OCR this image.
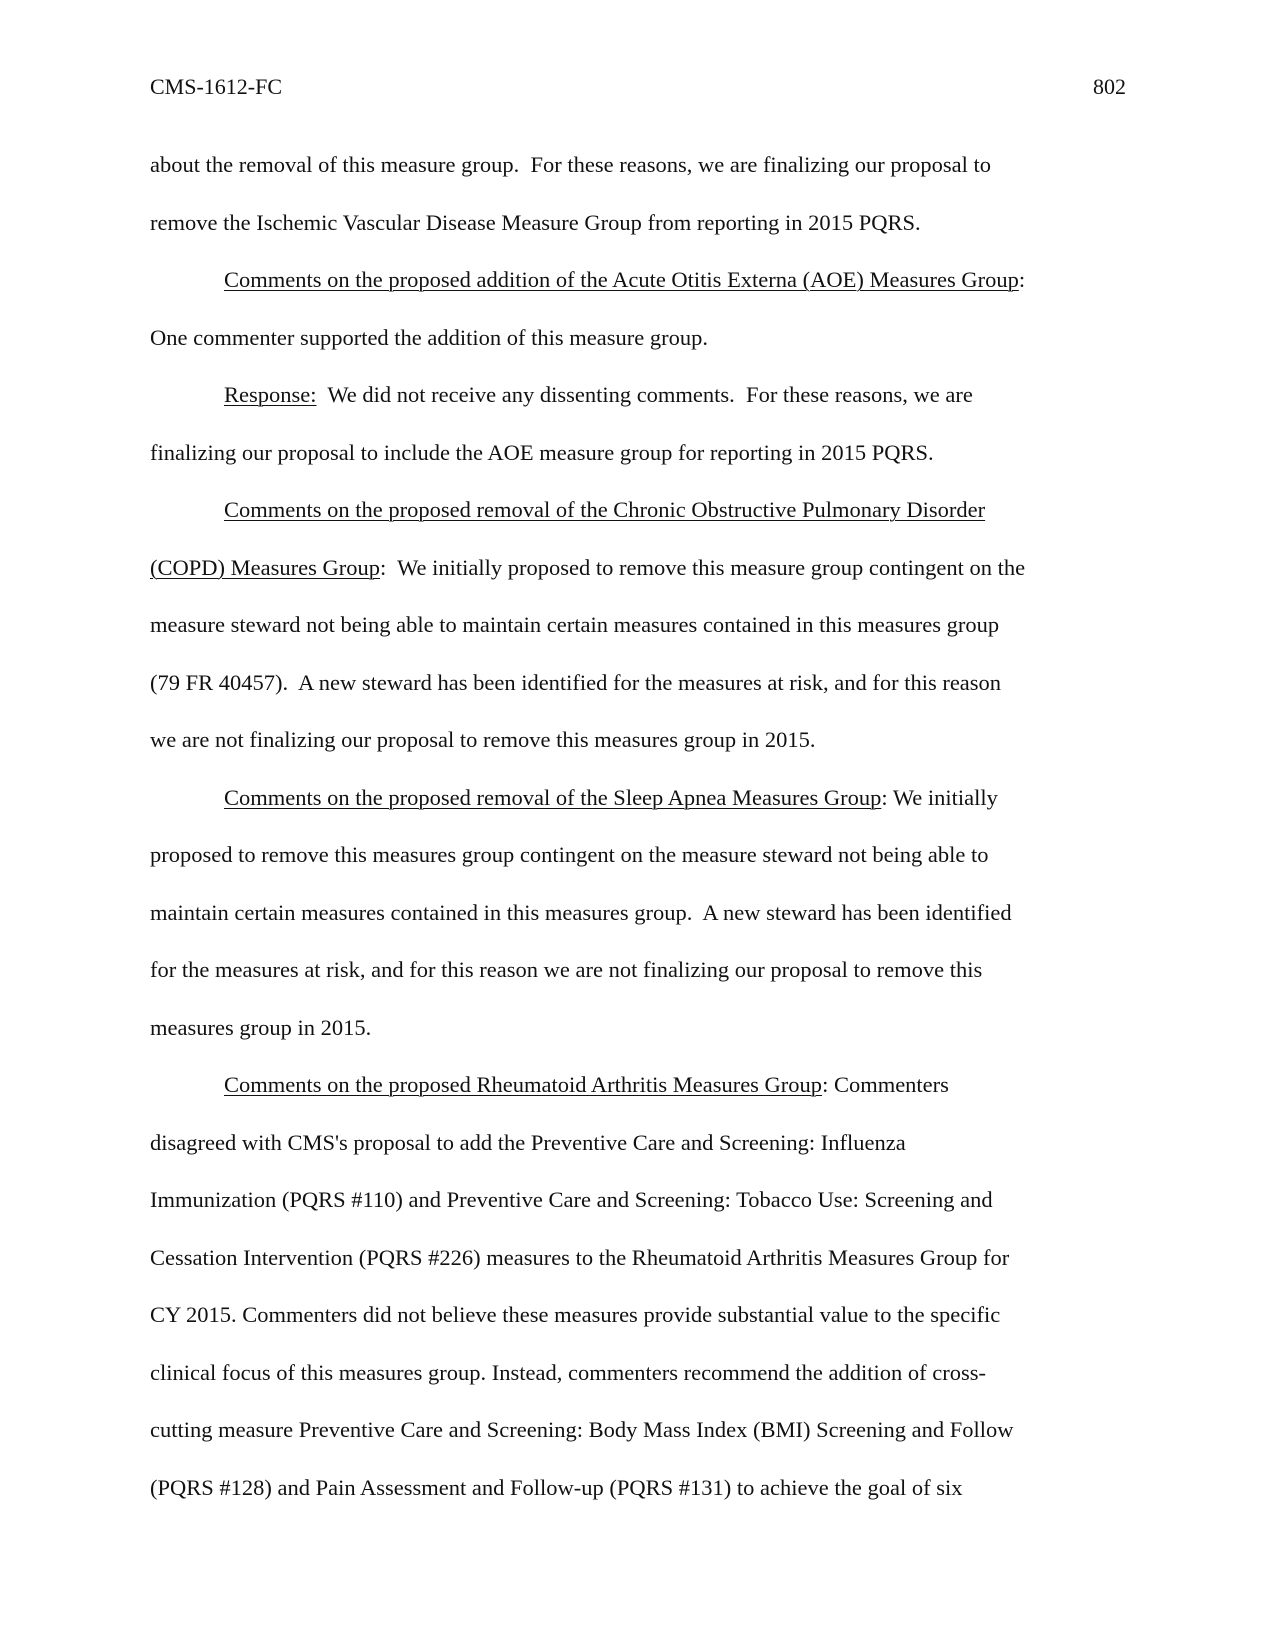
CMS-1612-FC	802
about the removal of this measure group.  For these reasons, we are finalizing our proposal to
remove the Ischemic Vascular Disease Measure Group from reporting in 2015 PQRS.
Comments on the proposed addition of the Acute Otitis Externa (AOE) Measures Group:
One commenter supported the addition of this measure group.
Response:  We did not receive any dissenting comments.  For these reasons, we are
finalizing our proposal to include the AOE measure group for reporting in 2015 PQRS.
Comments on the proposed removal of the Chronic Obstructive Pulmonary Disorder
(COPD) Measures Group:  We initially proposed to remove this measure group contingent on the
measure steward not being able to maintain certain measures contained in this measures group
(79 FR 40457).  A new steward has been identified for the measures at risk, and for this reason
we are not finalizing our proposal to remove this measures group in 2015.
Comments on the proposed removal of the Sleep Apnea Measures Group: We initially
proposed to remove this measures group contingent on the measure steward not being able to
maintain certain measures contained in this measures group.  A new steward has been identified
for the measures at risk, and for this reason we are not finalizing our proposal to remove this
measures group in 2015.
Comments on the proposed Rheumatoid Arthritis Measures Group: Commenters
disagreed with CMS's proposal to add the Preventive Care and Screening: Influenza
Immunization (PQRS #110) and Preventive Care and Screening: Tobacco Use: Screening and
Cessation Intervention (PQRS #226) measures to the Rheumatoid Arthritis Measures Group for
CY 2015. Commenters did not believe these measures provide substantial value to the specific
clinical focus of this measures group. Instead, commenters recommend the addition of cross-
cutting measure Preventive Care and Screening: Body Mass Index (BMI) Screening and Follow
(PQRS #128) and Pain Assessment and Follow-up (PQRS #131) to achieve the goal of six
